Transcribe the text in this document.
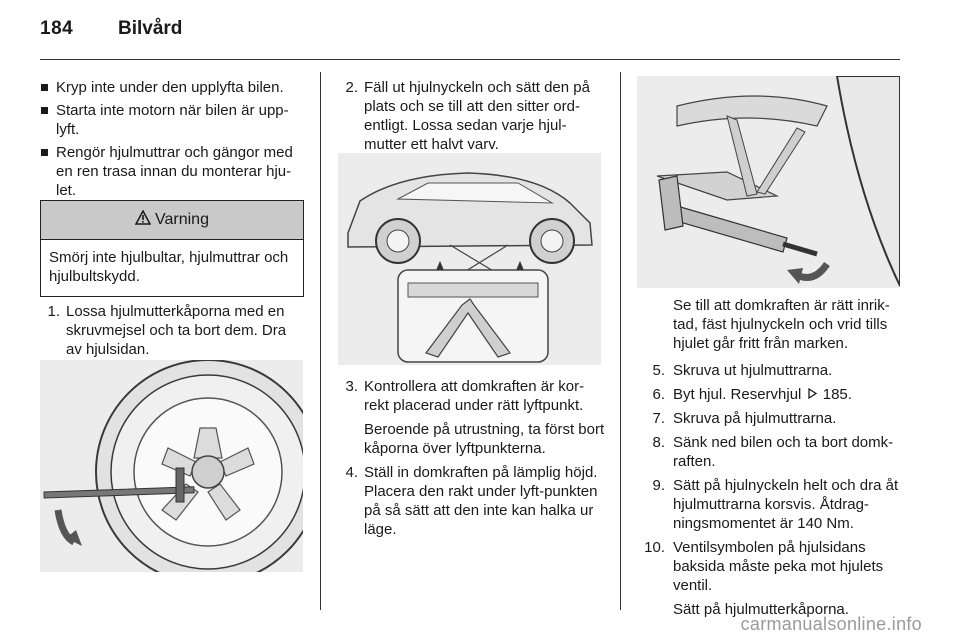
184 Bilvård
Kryp inte under den upplyfta bilen.
Starta inte motorn när bilen är upp-lyft.
Rengör hjulmuttrar och gängor med en ren trasa innan du monterar hju-let.
Varning
Smörj inte hjulbultar, hjulmuttrar och hjulbultskydd.
1. Lossa hjulmutterkåporna med en skruvmejsel och ta bort dem. Dra av hjulsidan.
2. Fäll ut hjulnyckeln och sätt den på plats och se till att den sitter ord-entligt. Lossa sedan varje hjul-mutter ett halvt varv.
3. Kontrollera att domkraften är kor-rekt placerad under rätt lyftpunkt.
Beroende på utrustning, ta först bort kåporna över lyftpunkterna.
4. Ställ in domkraften på lämplig höjd. Placera den rakt under lyft-punkten på så sätt att den inte kan halka ur läge.
Se till att domkraften är rätt inrik-tad, fäst hjulnyckeln och vrid tills hjulet går fritt från marken.
5. Skruva ut hjulmuttrarna.
6. Byt hjul. Reservhjul 185.
7. Skruva på hjulmuttrarna.
8. Sänk ned bilen och ta bort domk-raften.
9. Sätt på hjulnyckeln helt och dra åt hjulmuttrarna korsvis. Åtdrag-ningsmomentet är 140 Nm.
10. Ventilsymbolen på hjulsidans baksida måste peka mot hjulets ventil.
Sätt på hjulmutterkåporna.
carmanualsonline.info
